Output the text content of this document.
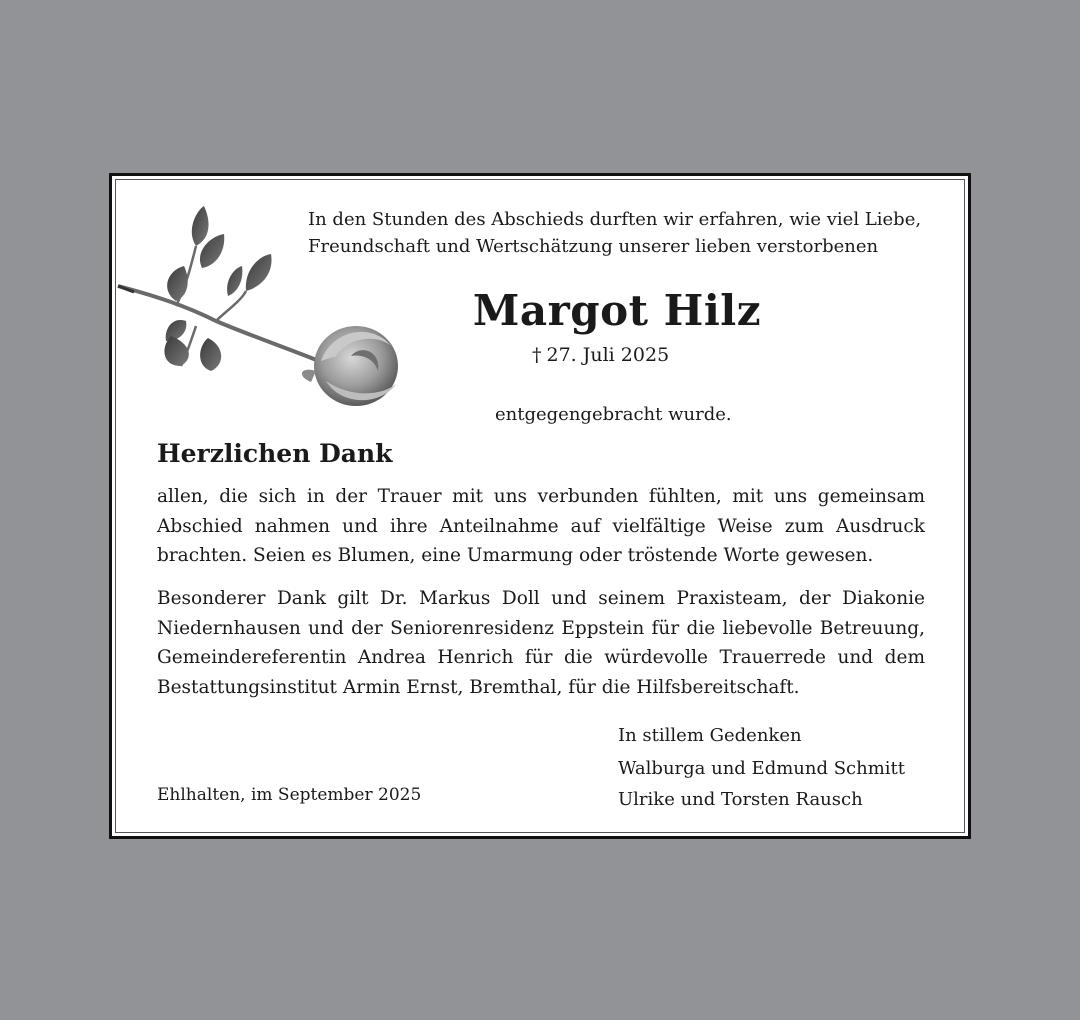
In den Stunden des Abschieds durften wir erfahren, wie viel Liebe,
Freundschaft und Wertschätzung unserer lieben verstorbenen
Margot Hilz
† 27. Juli 2025
entgegengebracht wurde.
Herzlichen Dank
allen, die sich in der Trauer mit uns verbunden fühlten, mit uns gemeinsam
Abschied nahmen und ihre Anteilnahme auf vielfältige Weise zum Ausdruck
brachten. Seien es Blumen, eine Umarmung oder tröstende Worte gewesen.
Besonderer Dank gilt Dr. Markus Doll und seinem Praxisteam, der Diakonie
Niedernhausen und der Seniorenresidenz Eppstein für die liebevolle Betreuung,
Gemeindereferentin Andrea Henrich für die würdevolle Trauerrede und dem
Bestattungsinstitut Armin Ernst, Bremthal, für die Hilfsbereitschaft.
In stillem Gedenken
Walburga und Edmund Schmitt
Ulrike und Torsten Rausch
Ehlhalten, im September 2025
